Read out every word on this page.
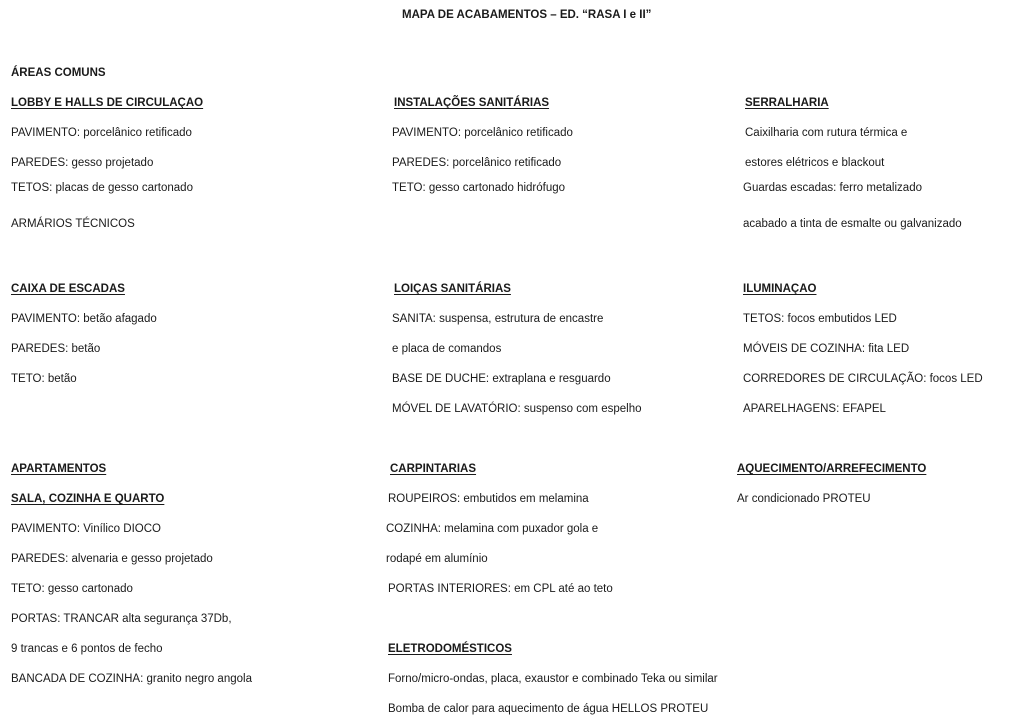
MAPA DE ACABAMENTOS – ED. “RASA I e II”
ÁREAS COMUNS
LOBBY E HALLS DE CIRCULAÇAO
PAVIMENTO: porcelânico retificado
PAREDES: gesso projetado
TETOS: placas de gesso cartonado
ARMÁRIOS TÉCNICOS
INSTALAÇÕES SANITÁRIAS
PAVIMENTO: porcelânico retificado
PAREDES: porcelânico retificado
TETO: gesso cartonado hidrófugo
SERRALHARIA
Caixilharia com rutura térmica e
estores elétricos e blackout
Guardas escadas: ferro metalizado
acabado a tinta de esmalte ou galvanizado
CAIXA DE ESCADAS
PAVIMENTO: betão afagado
PAREDES: betão
TETO: betão
LOIÇAS SANITÁRIAS
SANITA: suspensa, estrutura de encastre
e placa de comandos
BASE DE DUCHE: extraplana e resguardo
MÓVEL DE LAVATÓRIO: suspenso com espelho
ILUMINAÇAO
TETOS: focos embutidos LED
MÓVEIS DE COZINHA: fita LED
CORREDORES DE CIRCULAÇÃO: focos LED
APARELHAGENS: EFAPEL
APARTAMENTOS
SALA, COZINHA E QUARTO
PAVIMENTO: Vinílico DIOCO
PAREDES: alvenaria e gesso projetado
TETO: gesso cartonado
PORTAS: TRANCAR alta segurança 37Db,
9 trancas e 6 pontos de fecho
BANCADA DE COZINHA: granito negro angola
CARPINTARIAS
ROUPEIROS: embutidos em melamina
COZINHA: melamina com puxador gola e
rodapé em alumínio
PORTAS INTERIORES: em CPL até ao teto
ELETRODOMÉSTICOS
Forno/micro-ondas, placa, exaustor e combinado Teka ou similar
Bomba de calor para aquecimento de água HELLOS PROTEU
AQUECIMENTO/ARREFECIMENTO
Ar condicionado PROTEU
